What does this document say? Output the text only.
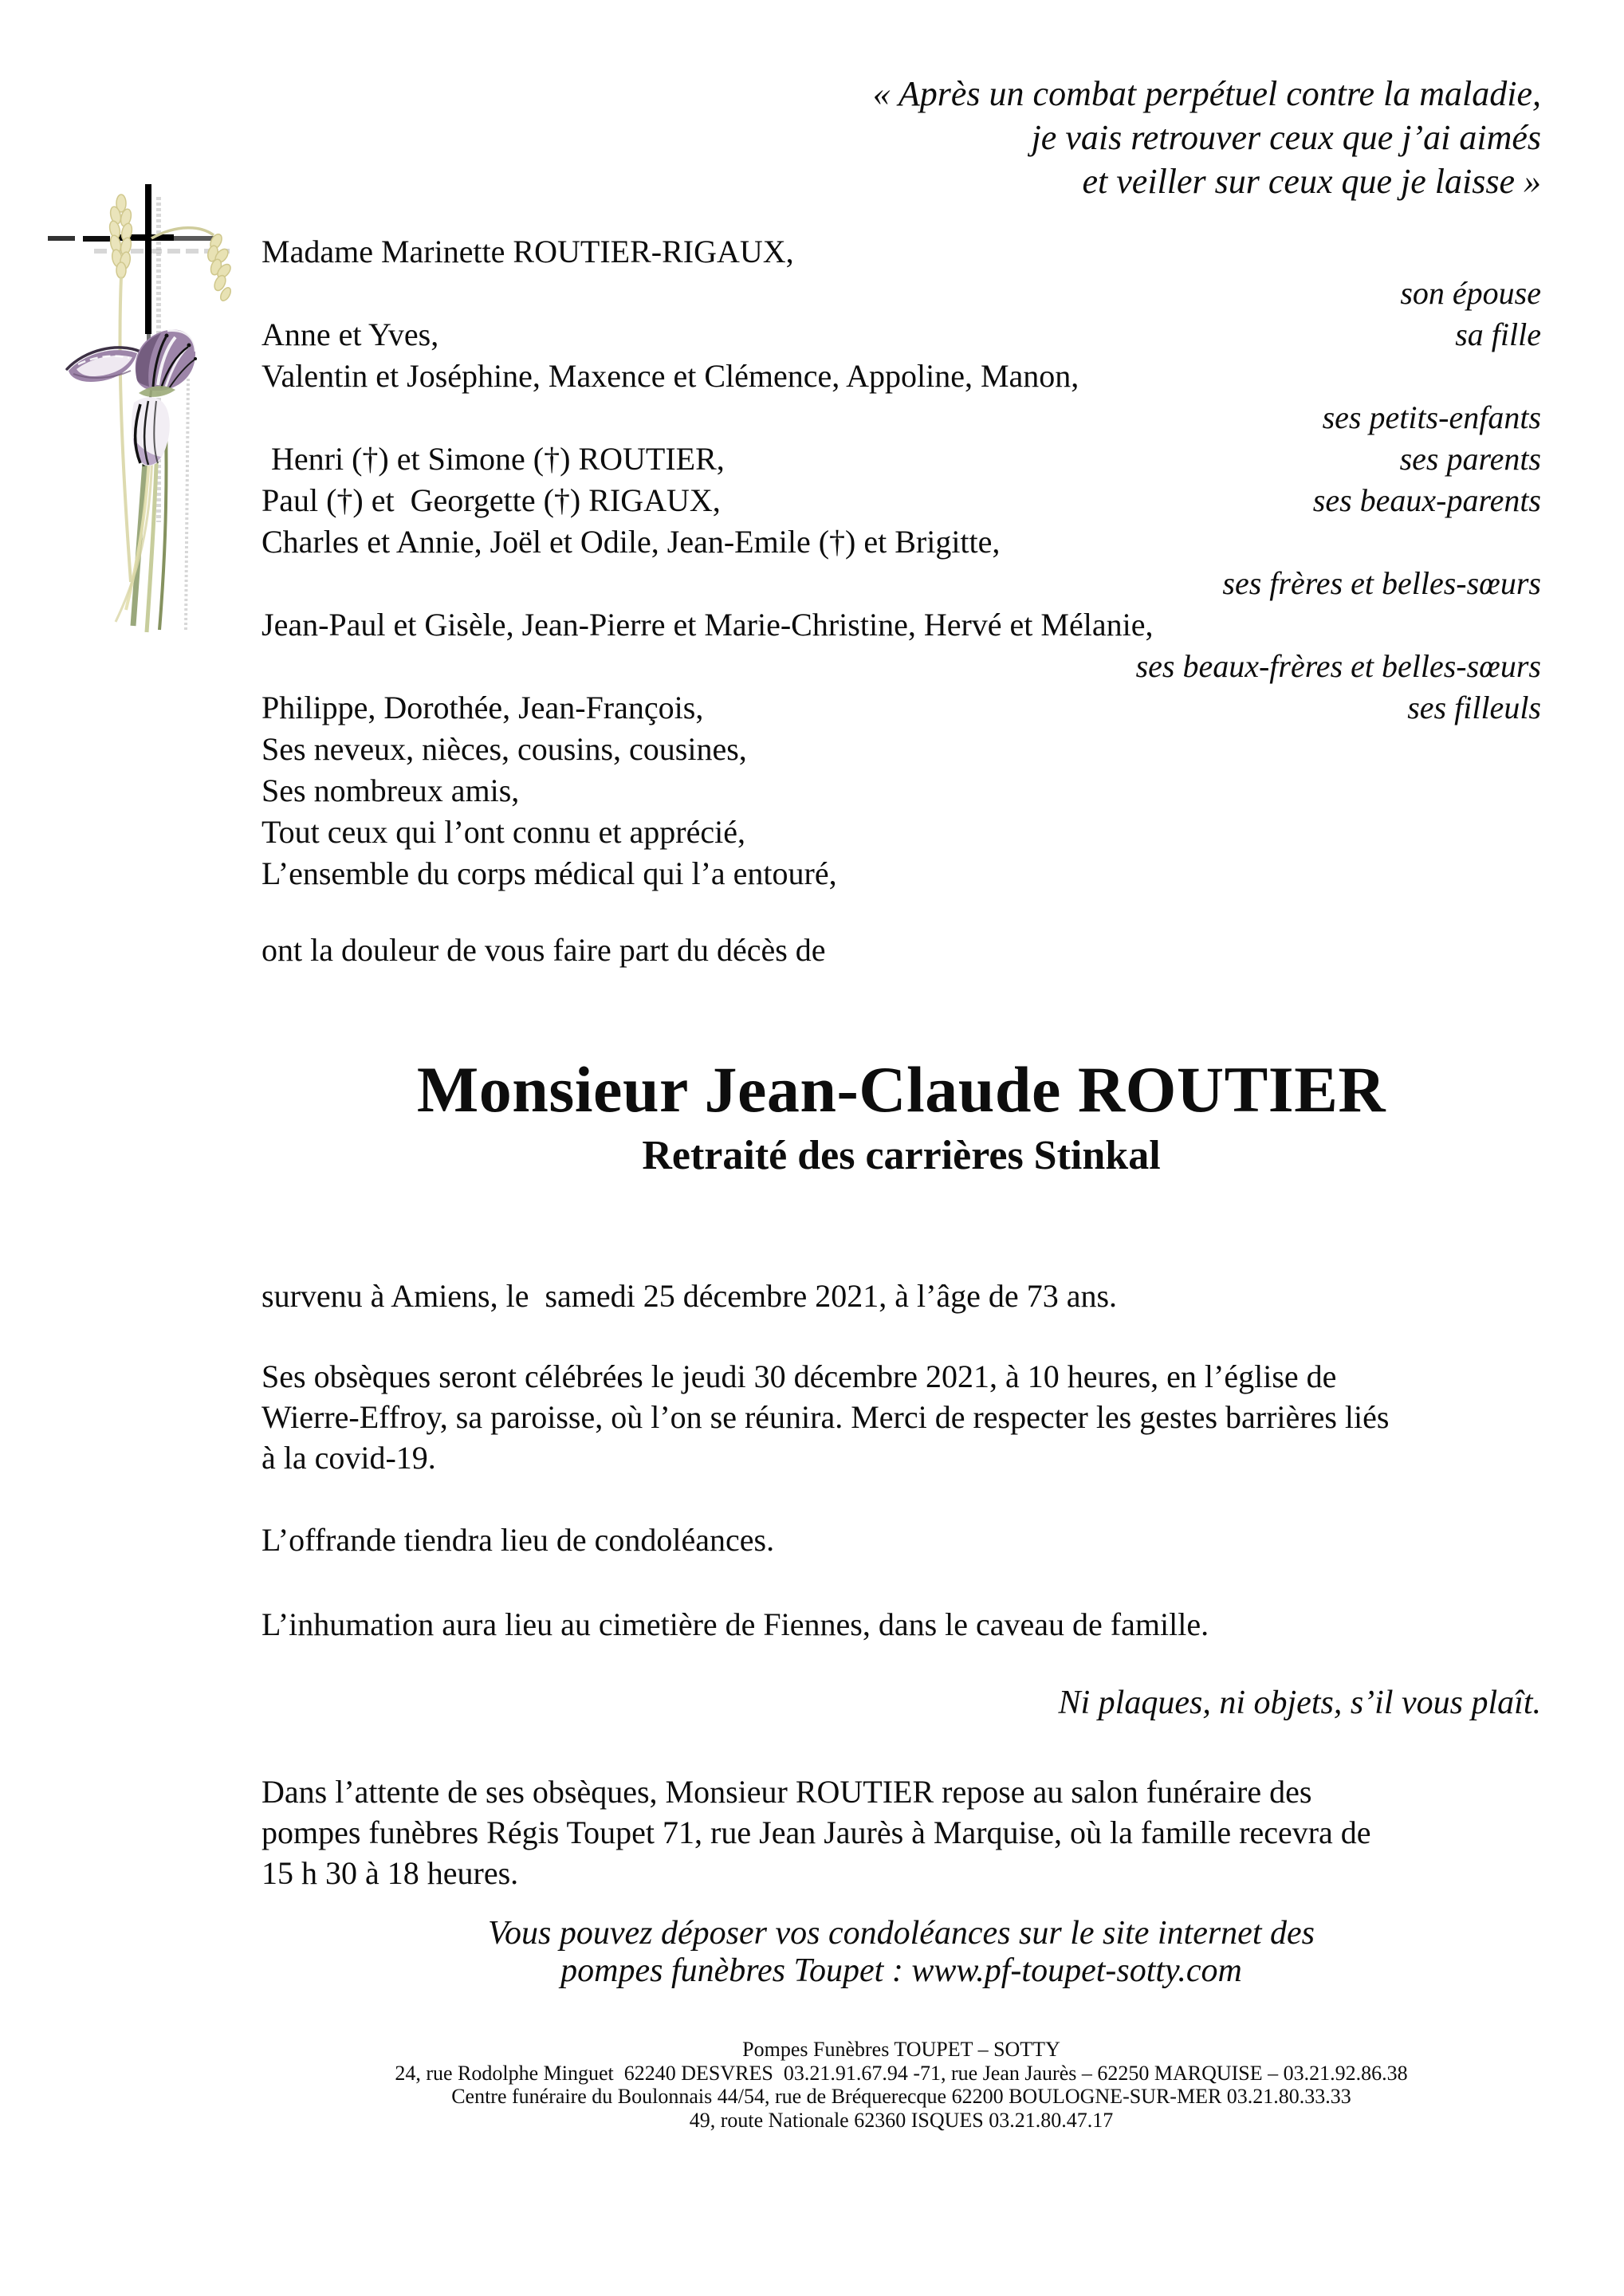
« Après un combat perpétuel contre la maladie,
je vais retrouver ceux que j’ai aimés
et veiller sur ceux que je laisse »
Madame Marinette ROUTIER-RIGAUX,
son épouse
Anne et Yves,	sa fille
Valentin et Joséphine, Maxence et Clémence, Appoline, Manon,
ses petits-enfants
Henri (†) et Simone (†) ROUTIER,	ses parents
Paul (†) et  Georgette (†) RIGAUX,	ses beaux-parents
Charles et Annie, Joël et Odile, Jean-Emile (†) et Brigitte,
ses frères et belles-sœurs
Jean-Paul et Gisèle, Jean-Pierre et Marie-Christine, Hervé et Mélanie,
ses beaux-frères et belles-sœurs
Philippe, Dorothée, Jean-François,	ses filleuls
Ses neveux, nièces, cousins, cousines,
Ses nombreux amis,
Tout ceux qui l’ont connu et apprécié,
L’ensemble du corps médical qui l’a entouré,
ont la douleur de vous faire part du décès de
Monsieur Jean-Claude ROUTIER
Retraité des carrières Stinkal
survenu à Amiens, le  samedi 25 décembre 2021, à l’âge de 73 ans.
Ses obsèques seront célébrées le jeudi 30 décembre 2021, à 10 heures, en l’église de
Wierre-Effroy, sa paroisse, où l’on se réunira. Merci de respecter les gestes barrières liés
à la covid-19.
L’offrande tiendra lieu de condoléances.
L’inhumation aura lieu au cimetière de Fiennes, dans le caveau de famille.
Ni plaques, ni objets, s’il vous plaît.
Dans l’attente de ses obsèques, Monsieur ROUTIER repose au salon funéraire des
pompes funèbres Régis Toupet 71, rue Jean Jaurès à Marquise, où la famille recevra de
15 h 30 à 18 heures.
Vous pouvez déposer vos condoléances sur le site internet des
pompes funèbres Toupet : www.pf-toupet-sotty.com
Pompes Funèbres TOUPET – SOTTY
24, rue Rodolphe Minguet  62240 DESVRES  03.21.91.67.94 -71, rue Jean Jaurès – 62250 MARQUISE – 03.21.92.86.38
Centre funéraire du Boulonnais 44/54, rue de Bréquerecque 62200 BOULOGNE-SUR-MER 03.21.80.33.33
49, route Nationale 62360 ISQUES 03.21.80.47.17
